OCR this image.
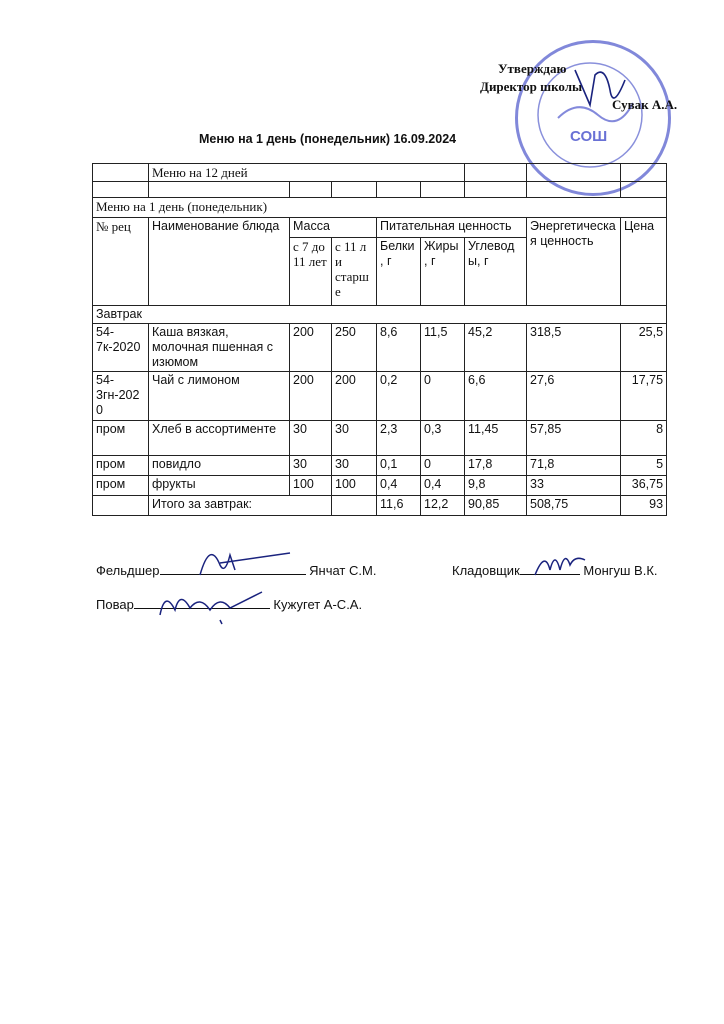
СОШ
Утверждаю
Директор школы
Сувак А.А.
Меню на 1 день (понедельник) 16.09.2024
	Меню на 12 дней							

Меню на 1 день (понедельник)								
№ рец	Наименование блюда	Масса		Питательная ценность			Энергетическая ценность	Цена
		с 7 до 11 лет	с 11 л и старше	Белки, г	Жиры, г	Углеводы, г		
Завтрак								
54-7к-2020	Каша вязкая, молочная пшенная с изюмом	200	250	8,6	11,5	45,2	318,5	25,5
54-3гн-2020	Чай с лимоном	200	200	0,2	0	6,6	27,6	17,75
пром	Хлеб в ассортименте	30	30	2,3	0,3	11,45	57,85	8
пром	повидло	30	30	0,1	0	17,8	71,8	5
пром	фрукты	100	100	0,4	0,4	9,8	33	36,75
	Итого за завтрак:			11,6	12,2	90,85	508,75	93
Фельдшер	Янчат С.М.	Кладовщик	Монгуш В.К.
Повар	Кужугет А-С.А.
